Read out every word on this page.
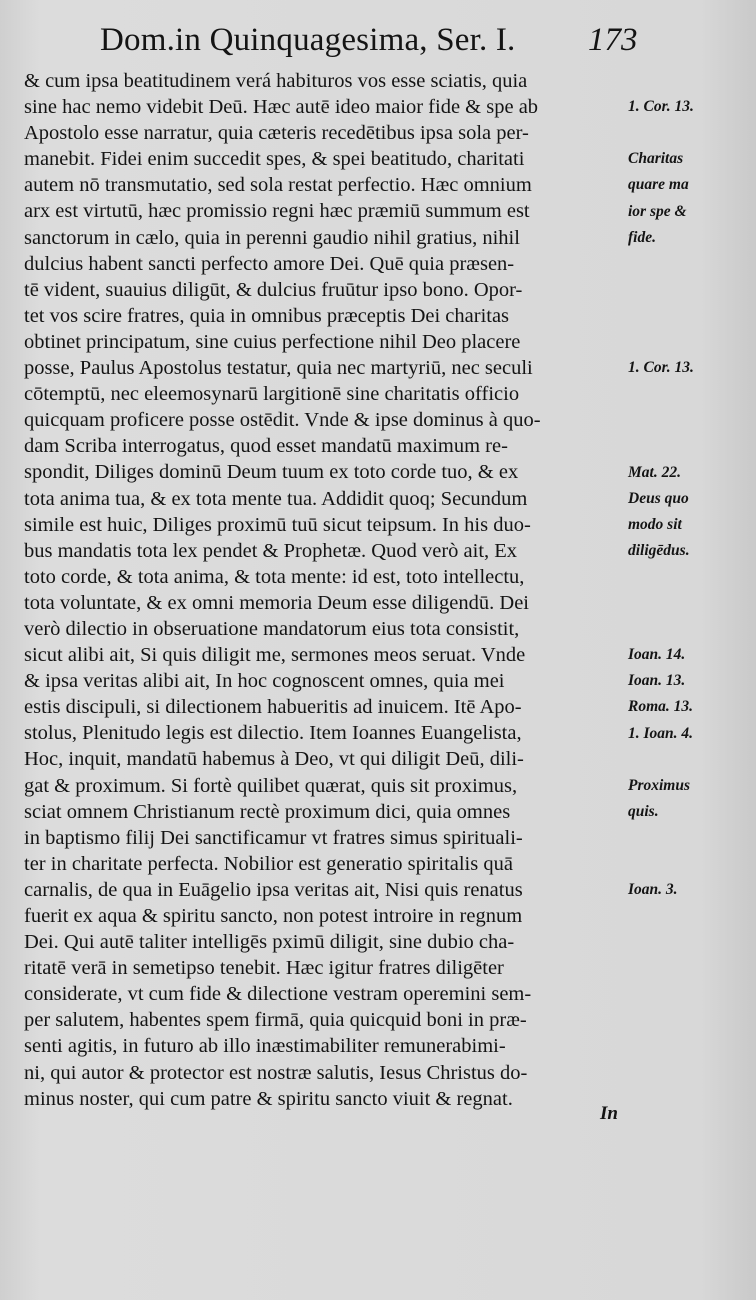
Dom.in Quinquagesima, Ser. I. 173
& cum ipsa beatitudinem verá habituros vos esse sciatis, quia
sine hac nemo videbit Deū. Hæc autē ideo maior fide & spe ab
Apostolo esse narratur, quia cæteris recedētibus ipsa sola per-
manebit. Fidei enim succedit spes, & spei beatitudo, charitati
autem nō transmutatio, sed sola restat perfectio. Hæc omnium
arx est virtutū, hæc promissio regni hæc præmiū summum est
sanctorum in cælo, quia in perenni gaudio nihil gratius, nihil
dulcius habent sancti perfecto amore Dei. Quē quia præsen-
tē vident, suauius diligūt, & dulcius fruūtur ipso bono. Opor-
tet vos scire fratres, quia in omnibus præceptis Dei charitas
obtinet principatum, sine cuius perfectione nihil Deo placere
posse, Paulus Apostolus testatur, quia nec martyriū, nec seculi
cōtemptū, nec eleemosynarū largitionē sine charitatis officio
quicquam proficere posse ostēdit. Vnde & ipse dominus à quo-
dam Scriba interrogatus, quod esset mandatū maximum re-
spondit, Diliges dominū Deum tuum ex toto corde tuo, & ex
tota anima tua, & ex tota mente tua. Addidit quoq; Secundum
simile est huic, Diliges proximū tuū sicut teipsum. In his duo-
bus mandatis tota lex pendet & Prophetæ. Quod verò ait, Ex
toto corde, & tota anima, & tota mente: id est, toto intellectu,
tota voluntate, & ex omni memoria Deum esse diligendū. Dei
verò dilectio in obseruatione mandatorum eius tota consistit,
sicut alibi ait, Si quis diligit me, sermones meos seruat. Vnde
& ipsa veritas alibi ait, In hoc cognoscent omnes, quia mei
estis discipuli, si dilectionem habueritis ad inuicem. Itē Apo-
stolus, Plenitudo legis est dilectio. Item Ioannes Euangelista,
Hoc, inquit, mandatū habemus à Deo, vt qui diligit Deū, dili-
gat & proximum. Si fortè quilibet quærat, quis sit proximus,
sciat omnem Christianum rectè proximum dici, quia omnes
in baptismo filij Dei sanctificamur vt fratres simus spirituali-
ter in charitate perfecta. Nobilior est generatio spiritalis quā
carnalis, de qua in Euāgelio ipsa veritas ait, Nisi quis renatus
fuerit ex aqua & spiritu sancto, non potest introire in regnum
Dei. Qui autē taliter intelligēs pximū diligit, sine dubio cha-
ritatē verā in semetipso tenebit. Hæc igitur fratres diligēter
considerate, vt cum fide & dilectione vestram operemini sem-
per salutem, habentes spem firmā, quia quicquid boni in præ-
senti agitis, in futuro ab illo inæstimabiliter remunerabimi-
ni, qui autor & protector est nostræ salutis, Iesus Christus do-
minus noster, qui cum patre & spiritu sancto viuit & regnat.
1. Cor. 13.
Charitas
quare ma
ior spe &
fide.
1. Cor. 13.
Mat. 22.
Deus quo
modo sit
diligēdus.
Ioan. 14.
Ioan. 13.
Roma. 13.
1. Ioan. 4.
Proximus
quis.
Ioan. 3.
In
